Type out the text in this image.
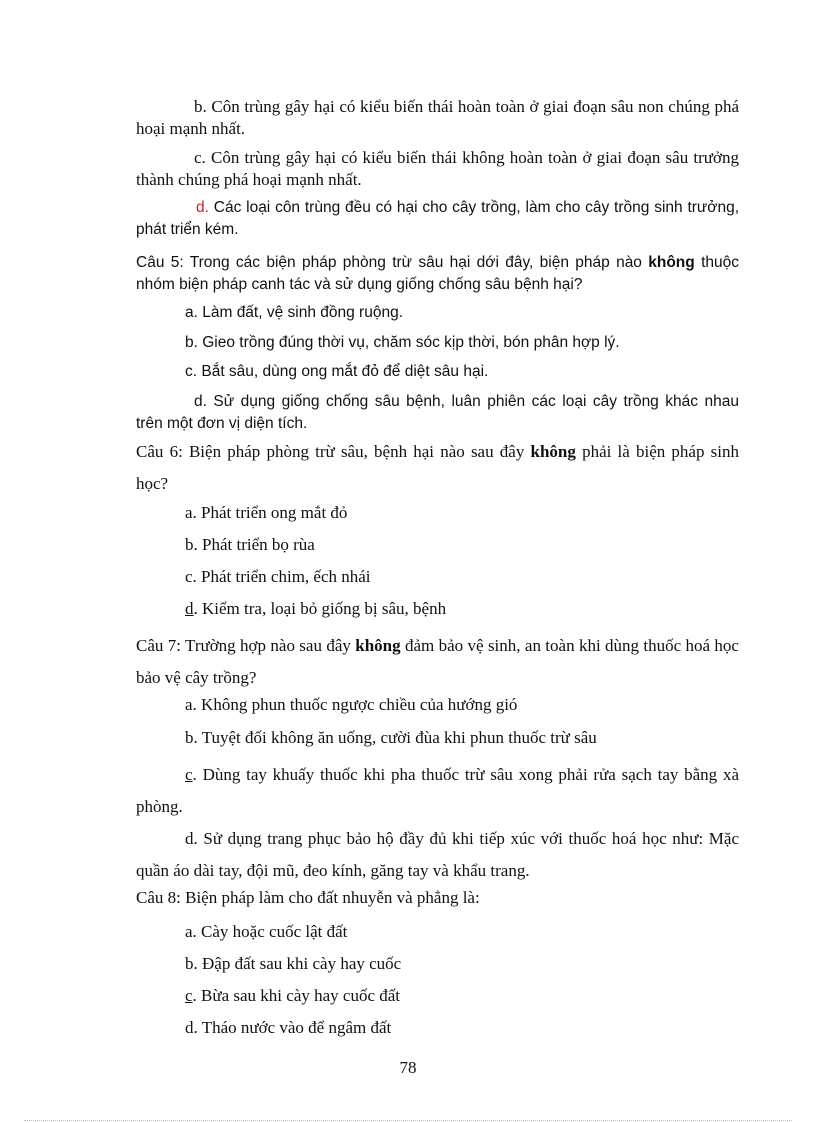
b. Côn trùng gây hại có kiểu biến thái hoàn toàn ở giai đoạn sâu non chúng phá hoại mạnh nhất.

c. Côn trùng gây hại có kiểu biến thái không hoàn toàn ở giai đoạn sâu trưởng thành chúng phá hoại mạnh nhất.

d. Các loại côn trùng đều có hại cho cây trồng, làm cho cây trồng sinh trưởng, phát triển kém.

Câu 5: Trong các biện pháp phòng trừ sâu hại dới đây, biện pháp nào không thuộc nhóm biện pháp canh tác và sử dụng giống chống sâu bệnh hại?

a. Làm đất, vệ sinh đồng ruộng.

b. Gieo trồng đúng thời vụ, chăm sóc kịp thời, bón phân hợp lý.

c. Bắt sâu, dùng ong mắt đỏ để diệt sâu hại.

d. Sử dụng giống chống sâu bệnh, luân phiên các loại cây trồng khác nhau trên một đơn vị diện tích.

Câu 6: Biện pháp phòng trừ sâu, bệnh hại nào sau đây không phải là biện pháp sinh học?

a. Phát triển ong mắt đỏ

b. Phát triển bọ rùa

c. Phát triển chim, ếch nhái

d. Kiểm tra, loại bỏ giống bị sâu, bệnh

Câu 7: Trường hợp nào sau đây không đảm bảo vệ sinh, an toàn khi dùng thuốc hoá học bảo vệ cây trồng?

a. Không phun thuốc ngược chiều của hướng gió

b. Tuyệt đối không ăn uống, cười đùa khi phun thuốc trừ sâu

c. Dùng tay khuấy thuốc khi pha thuốc trừ sâu xong phải rửa sạch tay bằng xà phòng.

d. Sử dụng trang phục bảo hộ đầy đủ khi tiếp xúc với thuốc hoá học như: Mặc quần áo dài tay, đội mũ, đeo kính, găng tay và khẩu trang.

Câu 8: Biện pháp làm cho đất nhuyễn và phẳng là:

a. Cày hoặc cuốc lật đất

b. Đập đất sau khi cày hay cuốc

c. Bừa sau khi cày hay cuốc đất

d. Tháo nước vào để ngâm đất

78
